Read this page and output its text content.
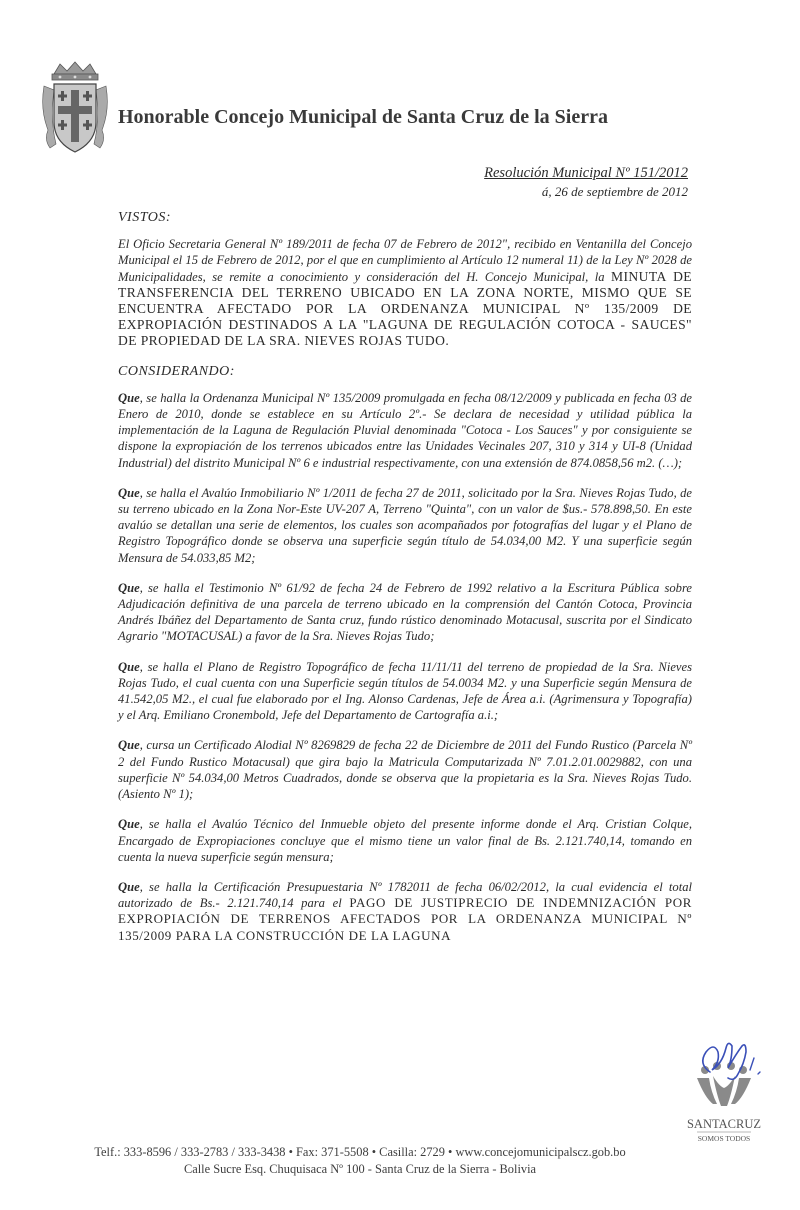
Honorable Concejo Municipal de Santa Cruz de la Sierra
Resolución Municipal Nº 151/2012
á, 26 de septiembre de 2012
VISTOS:

El Oficio Secretaria General Nº 189/2011 de fecha 07 de Febrero de 2012", recibido en Ventanilla del Concejo Municipal el 15 de Febrero de 2012, por el que en cumplimiento al Artículo 12 numeral 11) de la Ley Nº 2028 de Municipalidades, se remite a conocimiento y consideración del H. Concejo Municipal, la MINUTA DE TRANSFERENCIA DEL TERRENO UBICADO EN LA ZONA NORTE, MISMO QUE SE ENCUENTRA AFECTADO POR LA ORDENANZA MUNICIPAL Nº 135/2009 DE EXPROPIACIÓN DESTINADOS A LA "LAGUNA DE REGULACIÓN COTOCA - SAUCES" DE PROPIEDAD DE LA SRA. NIEVES ROJAS TUDO.

CONSIDERANDO:

Que, se halla la Ordenanza Municipal Nº 135/2009 promulgada en fecha 08/12/2009 y publicada en fecha 03 de Enero de 2010, donde se establece en su Artículo 2º.- Se declara de necesidad y utilidad pública la implementación de la Laguna de Regulación Pluvial denominada "Cotoca - Los Sauces" y por consiguiente se dispone la expropiación de los terrenos ubicados entre las Unidades Vecinales 207, 310 y 314 y UI-8 (Unidad Industrial) del distrito Municipal Nº 6 e industrial respectivamente, con una extensión de 874.0858,56 m2. (…);

Que, se halla el Avalúo Inmobiliario Nº 1/2011 de fecha 27 de 2011, solicitado por la Sra. Nieves Rojas Tudo, de su terreno ubicado en la Zona Nor-Este UV-207 A, Terreno "Quinta", con un valor de $us.- 578.898,50. En este avalúo se detallan una serie de elementos, los cuales son acompañados por fotografías del lugar y el Plano de Registro Topográfico donde se observa una superficie según título de 54.034,00 M2. Y una superficie según Mensura de 54.033,85 M2;

Que, se halla el Testimonio Nº 61/92 de fecha 24 de Febrero de 1992 relativo a la Escritura Pública sobre Adjudicación definitiva de una parcela de terreno ubicado en la comprensión del Cantón Cotoca, Provincia Andrés Ibáñez del Departamento de Santa cruz, fundo rústico denominado Motacusal, suscrita por el Sindicato Agrario "MOTACUSAL) a favor de la Sra. Nieves Rojas Tudo;

Que, se halla el Plano de Registro Topográfico de fecha 11/11/11 del terreno de propiedad de la Sra. Nieves Rojas Tudo, el cual cuenta con una Superficie según títulos de 54.0034 M2. y una Superficie según Mensura de 41.542,05 M2., el cual fue elaborado por el Ing. Alonso Cardenas, Jefe de Área a.i. (Agrimensura y Topografía) y el Arq. Emiliano Cronembold, Jefe del Departamento de Cartografía a.i.;

Que, cursa un Certificado Alodial Nº 8269829 de fecha 22 de Diciembre de 2011 del Fundo Rustico (Parcela Nº 2 del Fundo Rustico Motacusal) que gira bajo la Matricula Computarizada Nº 7.01.2.01.0029882, con una superficie Nº 54.034,00 Metros Cuadrados, donde se observa que la propietaria es la Sra. Nieves Rojas Tudo. (Asiento Nº 1);

Que, se halla el Avalúo Técnico del Inmueble objeto del presente informe donde el Arq. Cristian Colque, Encargado de Expropiaciones concluye que el mismo tiene un valor final de Bs. 2.121.740,14, tomando en cuenta la nueva superficie según mensura;

Que, se halla la Certificación Presupuestaria Nº 1782011 de fecha 06/02/2012, la cual evidencia el total autorizado de Bs.- 2.121.740,14 para el PAGO DE JUSTIPRECIO DE INDEMNIZACIÓN POR EXPROPIACIÓN DE TERRENOS AFECTADOS POR LA ORDENANZA MUNICIPAL Nº 135/2009 PARA LA CONSTRUCCIÓN DE LA LAGUNA

SANTACRUZ
SOMOS TODOS
Telf.: 333-8596 / 333-2783 / 333-3438 • Fax: 371-5508 • Casilla: 2729 • www.concejomunicipalscz.gob.bo
Calle Sucre Esq. Chuquisaca Nº 100 - Santa Cruz de la Sierra - Bolivia
